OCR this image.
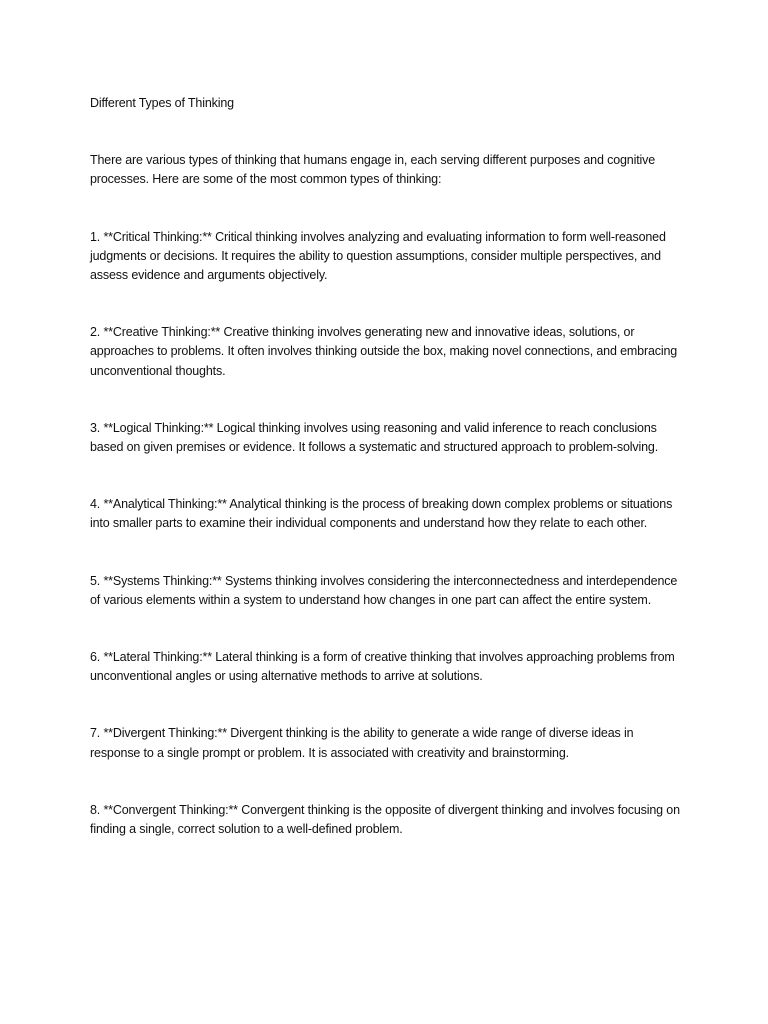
Different Types of Thinking

There are various types of thinking that humans engage in, each serving different purposes and cognitive processes. Here are some of the most common types of thinking:

1. **Critical Thinking:** Critical thinking involves analyzing and evaluating information to form well-reasoned judgments or decisions. It requires the ability to question assumptions, consider multiple perspectives, and assess evidence and arguments objectively.

2. **Creative Thinking:** Creative thinking involves generating new and innovative ideas, solutions, or approaches to problems. It often involves thinking outside the box, making novel connections, and embracing unconventional thoughts.

3. **Logical Thinking:** Logical thinking involves using reasoning and valid inference to reach conclusions based on given premises or evidence. It follows a systematic and structured approach to problem-solving.

4. **Analytical Thinking:** Analytical thinking is the process of breaking down complex problems or situations into smaller parts to examine their individual components and understand how they relate to each other.

5. **Systems Thinking:** Systems thinking involves considering the interconnectedness and interdependence of various elements within a system to understand how changes in one part can affect the entire system.

6. **Lateral Thinking:** Lateral thinking is a form of creative thinking that involves approaching problems from unconventional angles or using alternative methods to arrive at solutions.

7. **Divergent Thinking:** Divergent thinking is the ability to generate a wide range of diverse ideas in response to a single prompt or problem. It is associated with creativity and brainstorming.

8. **Convergent Thinking:** Convergent thinking is the opposite of divergent thinking and involves focusing on finding a single, correct solution to a well-defined problem.
